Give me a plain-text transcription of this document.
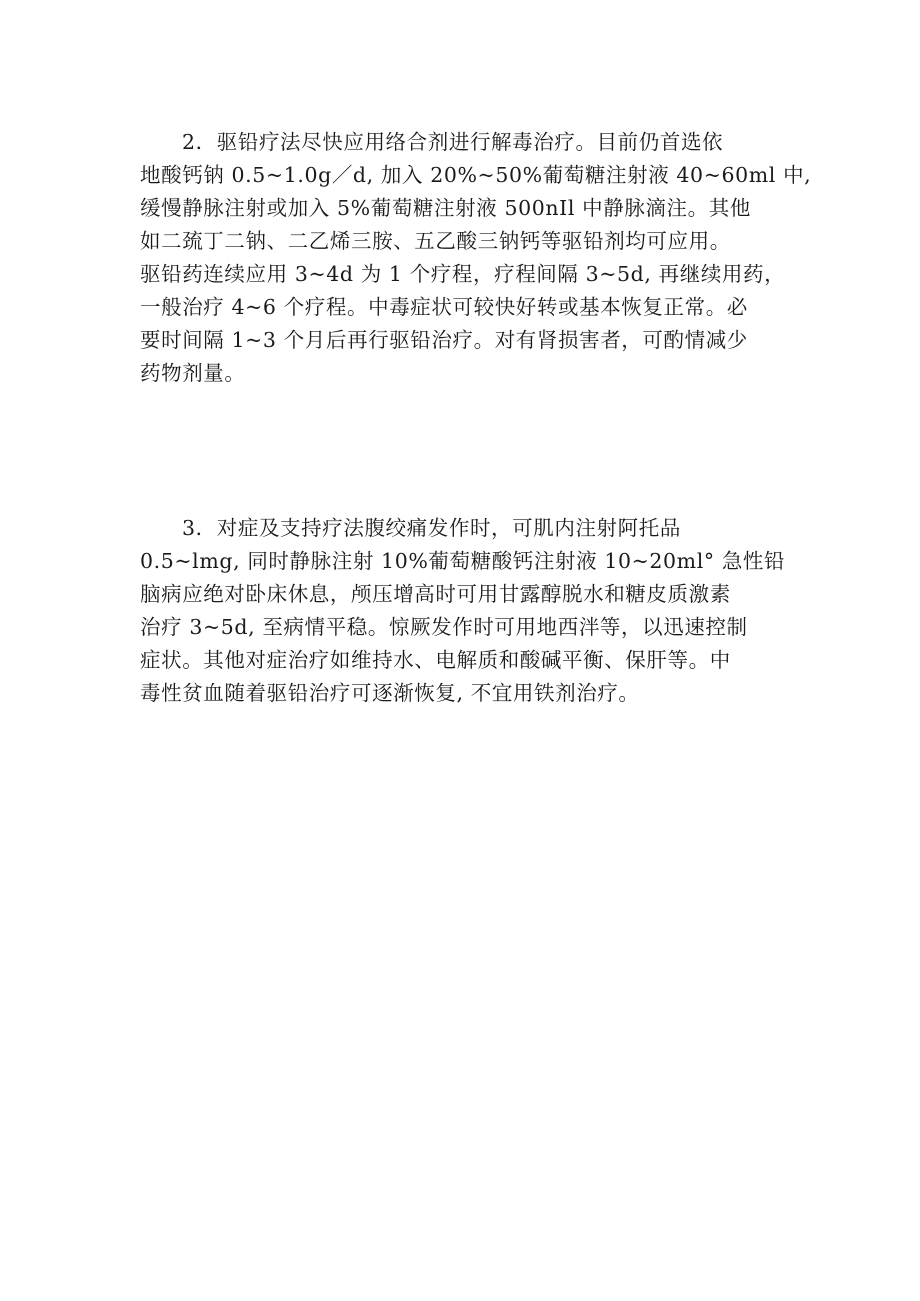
2．驱铅疗法尽快应用络合剂进行解毒治疗。目前仍首选依
地酸钙钠 0.5~1.0g／d, 加入 20%~50%葡萄糖注射液 40~60ml 中,
缓慢静脉注射或加入 5%葡萄糖注射液 500nIl 中静脉滴注。其他
如二巯丁二钠、二乙烯三胺、五乙酸三钠钙等驱铅剂均可应用。
驱铅药连续应用 3~4d 为 1 个疗程，疗程间隔 3~5d, 再继续用药，
一般治疗 4~6 个疗程。中毒症状可较快好转或基本恢复正常。必
要时间隔 1~3 个月后再行驱铅治疗。对有肾损害者，可酌情减少
药物剂量。
3．对症及支持疗法腹绞痛发作时，可肌内注射阿托品
0.5~lmg, 同时静脉注射 10%葡萄糖酸钙注射液 10~20ml° 急性铅
脑病应绝对卧床休息，颅压增高时可用甘露醇脱水和糖皮质激素
治疗 3~5d, 至病情平稳。惊厥发作时可用地西泮等，以迅速控制
症状。其他对症治疗如维持水、电解质和酸碱平衡、保肝等。中
毒性贫血随着驱铅治疗可逐渐恢复, 不宜用铁剂治疗。
